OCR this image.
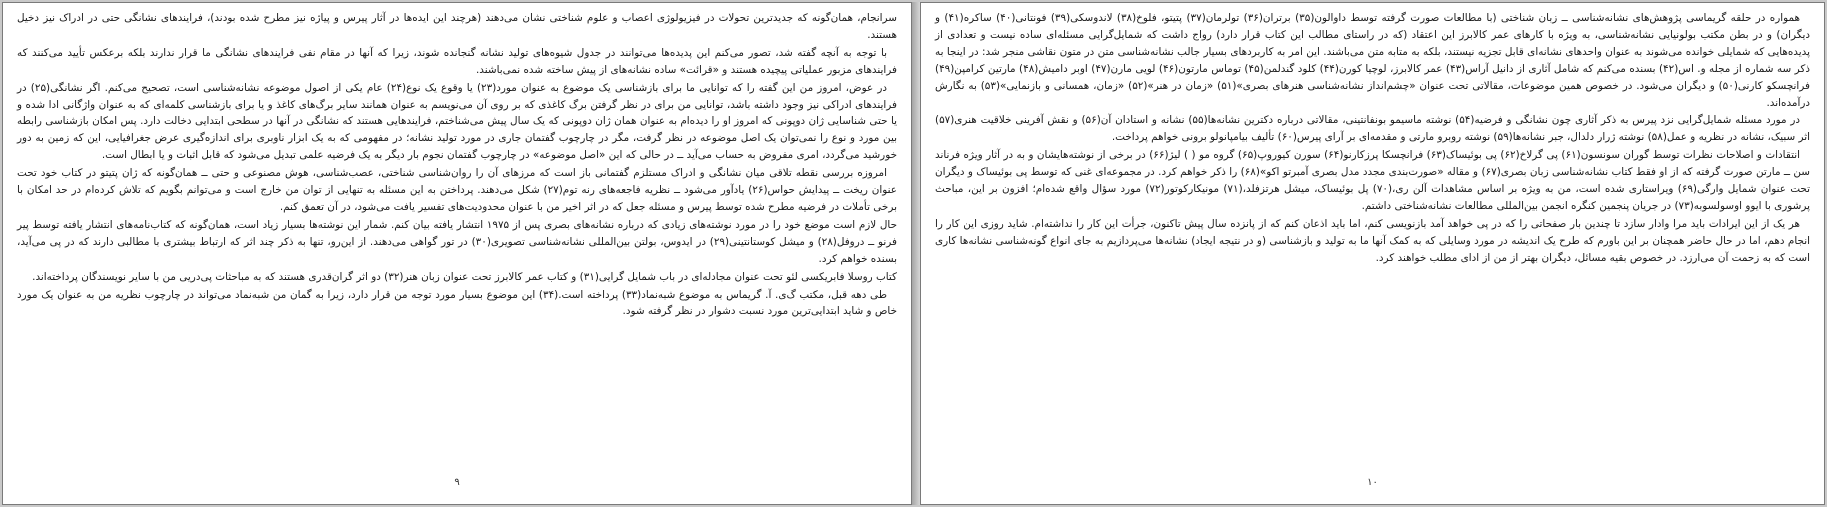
سرانجام، همان‌گونه که جدیدترین تحولات در فیزیولوژی اعصاب و علوم شناختی نشان می‌دهند (هرچند این ایده‌ها در آثار پیرس و پیاژه نیز مطرح شده بودند)، فرایندهای نشانگی حتی در ادراک نیز دخیل هستند.

با توجه به آنچه گفته شد، تصور می‌کنم این پدیده‌ها می‌توانند در جدول شیوه‌های تولید نشانه گنجانده شوند، زیرا که آنها در مقام نفی فرایندهای نشانگی ما قرار ندارند بلکه برعکس تأیید می‌کنند که فرایندهای مزبور عملیاتی پیچیده هستند و «قرائت» ساده نشانه‌های از پیش ساخته شده نمی‌باشند.

در عوض، امروز من این گفته را که توانایی ما برای بازشناسی یک موضوع به عنوان مورد(۲۳) یا وقوع یک نوع(۲۴) عام یکی از اصول موضوعه نشانه‌شناسی است، تصحیح می‌کنم. اگر نشانگی(۲۵) در فرایندهای ادراکی نیز وجود داشته باشد، توانایی من برای در نظر گرفتن برگ کاغذی که بر روی آن می‌نویسم به عنوان همانند سایر برگ‌های کاغذ و یا برای بازشناسی کلمه‌ای که به عنوان واژگانی ادا شده و یا حتی شناسایی ژان دوپونی که امروز او را دیده‌ام به عنوان همان ژان دوپونی که یک سال پیش می‌شناختم، فرایندهایی هستند که نشانگی در آنها در سطحی ابتدایی دخالت دارد. پس امکان بازشناسی رابطه بین مورد و نوع را نمی‌توان یک اصل موضوعه در نظر گرفت، مگر در چارچوب گفتمان جاری در مورد تولید نشانه؛ در مفهومی که به یک ابزار ناوبری برای اندازه‌گیری عرض جغرافیایی، این که زمین به دور خورشید می‌گردد، امری مفروض به حساب می‌آید ــ در حالی که این «اصل موضوعه» در چارچوب گفتمان نجوم بار دیگر به یک فرضیه علمی تبدیل می‌شود که قابل اثبات و یا ابطال است.

امروزه بررسی نقطه تلاقی میان نشانگی و ادراک مستلزم گفتمانی باز است که مرزهای آن را روان‌شناسی شناختی، عصب‌شناسی، هوش مصنوعی و حتی ــ همان‌گونه که ژان پتیتو در کتاب خود تحت عنوان ریخت ــ پیدایش حواس(۲۶) یادآور می‌شود ــ نظریه فاجعه‌های رنه توم(۲۷) شکل می‌دهند. پرداختن به این مسئله به تنهایی از توان من خارج است و می‌توانم بگویم که تلاش کرده‌ام در حد امکان با برخی تأملات در فرضیه مطرح شده توسط پیرس و مسئله جعل که در اثر اخیر من با عنوان محدودیت‌های تفسیر یافت می‌شود، در آن تعمق کنم.

حال لازم است موضع خود را در مورد نوشته‌های زیادی که درباره نشانه‌های بصری پس از ۱۹۷۵ انتشار یافته بیان کنم. شمار این نوشته‌ها بسیار زیاد است، همان‌گونه که کتاب‌نامه‌های انتشار یافته توسط پیر فرنو ــ دروفل(۲۸) و میشل کوستانتینی(۲۹) در ایدوس، بولتن بین‌المللی نشانه‌شناسی تصویری(۳۰) در تور گواهی می‌دهند. از این‌رو، تنها به ذکر چند اثر که ارتباط بیشتری با مطالبی دارند که در پی می‌آید، بسنده خواهم کرد.

کتاب روسلا فابریکسی لئو تحت عنوان مجادله‌ای در باب شمایل گرایی(۳۱) و کتاب عمر کالابرز تحت عنوان زبان هنر(۳۲) دو اثر گران‌قدری هستند که به مباحثات پی‌دریی من با سایر نویسندگان پرداخته‌اند.

طی دهه قبل، مکتب گ‌ی. آ. گریماس به موضوع شبه‌نماد(۳۳) پرداخته است.(۳۴) این موضوع بسیار مورد توجه من قرار دارد، زیرا به گمان من شبه‌نماد می‌تواند در چارچوب نظریه من به عنوان یک مورد خاص و شاید ابتدایی‌ترین مورد نسبت دشوار در نظر گرفته شود.

۹

همواره در حلقه گریماسی پژوهش‌های نشانه‌شناسی ــ زبان شناختی (با مطالعات صورت گرفته توسط داوالون(۳۵) برتران(۳۶) تولرمان(۳۷) پتیتو، فلوخ(۳۸) لاندوسکی(۳۹) فونتانی(۴۰) ساکره(۴۱) و دیگران) و در بطن مکتب بولونیایی نشانه‌شناسی، به ویژه با کارهای عمر کالابرز این اعتقاد (که در راستای مطالب این کتاب قرار دارد) رواج داشت که شمایل‌گرایی مسئله‌ای ساده نیست و تعدادی از پدیده‌هایی که شمایلی خوانده می‌شوند به عنوان واحدهای نشانه‌ای قابل تجزیه نیستند، بلکه به متابه متن می‌باشند. این امر به کاربردهای بسیار جالب نشانه‌شناسی متن در متون نقاشی منجر شد: در اینجا به ذکر سه شماره از مجله و. اس(۴۲) بسنده می‌کنم که شامل آثاری از دانیل آراس(۴۳) عمر کالابرز، لوچیا کورن(۴۴) کلود گندلمن(۴۵) توماس مارتون(۴۶) لویی مارن(۴۷) اوبر دامیش(۴۸) مارتین کرامپن(۴۹) فرانچسکو کارنی(۵۰) و دیگران می‌شود. در خصوص همین موضوعات، مقالاتی تحت عنوان «چشم‌انداز نشانه‌شناسی هنرهای بصری»(۵۱) «زمان در هنر»(۵۲) «زمان، همسانی و بازنمایی»(۵۳) به نگارش درآمده‌اند.

در مورد مسئله شمایل‌گرایی نزد پیرس به ذکر آثاری چون نشانگی و فرضیه(۵۴) نوشته ماسیمو بونفانتینی، مقالاتی درباره دکترین نشانه‌ها(۵۵) نشانه و استادان آن(۵۶) و نقش آفرینی خلاقیت هنری(۵۷) اثر سبیک، نشانه در نظریه و عمل(۵۸) نوشته ژرار دلدال، جبر نشانه‌ها(۵۹) نوشته روبرو مارتی و مقدمه‌ای بر آرای پیرس(۶۰) تألیف بیامپانولو برونی خواهم پرداخت.

انتقادات و اصلاحات نظرات توسط گوران سونسون(۶۱) پی گرلاخ(۶۲) پی بوئیساک(۶۳) فرانچسکا پرزکارنو(۶۴) سورن کیوروپ(۶۵) گروه مو ( ) لیژ(۶۶) در برخی از نوشته‌هایشان و به در آثار ویژه فرناند سن ــ مارتن صورت گرفته که از او فقط کتاب نشانه‌شناسی زبان بصری(۶۷) و مقاله «صورت‌بندی مجدد مدل بصری آمبرتو اکو»(۶۸) را ذکر خواهم کرد. در مجموعه‌ای غنی که توسط پی بوئیساک و دیگران تحت عنوان شمایل وارگی(۶۹) ویراستاری شده است، من به ویژه بر اساس مشاهدات آلن ری،(۷۰) پل بوئیساک، میشل هرتزفلد،(۷۱) مونیکارکوتور(۷۲) مورد سؤال واقع شده‌ام؛ افزون بر این، مباحث پرشوری با ایوو اوسولسوبه(۷۳) در جریان پنجمین کنگره انجمن بین‌المللی مطالعات نشانه‌شناختی داشتم.

هر یک از این ایرادات باید مرا وادار سازد تا چندین بار صفحاتی را که در پی خواهد آمد بازنویسی کنم، اما باید اذعان کنم که از پانزده سال پیش تاکنون، جرأت این کار را نداشته‌ام. شاید روزی این کار را انجام دهم، اما در حال حاضر همچنان بر این باورم که طرح یک اندیشه در مورد وسایلی که به کمک آنها ما به تولید و بازشناسی (و در نتیجه ایجاد) نشانه‌ها می‌پردازیم به جای انواع گونه‌شناسی نشانه‌ها کاری است که به زحمت آن می‌ارزد. در خصوص بقیه مسائل، دیگران بهتر از من از ادای مطلب خواهند کرد.

۱۰
